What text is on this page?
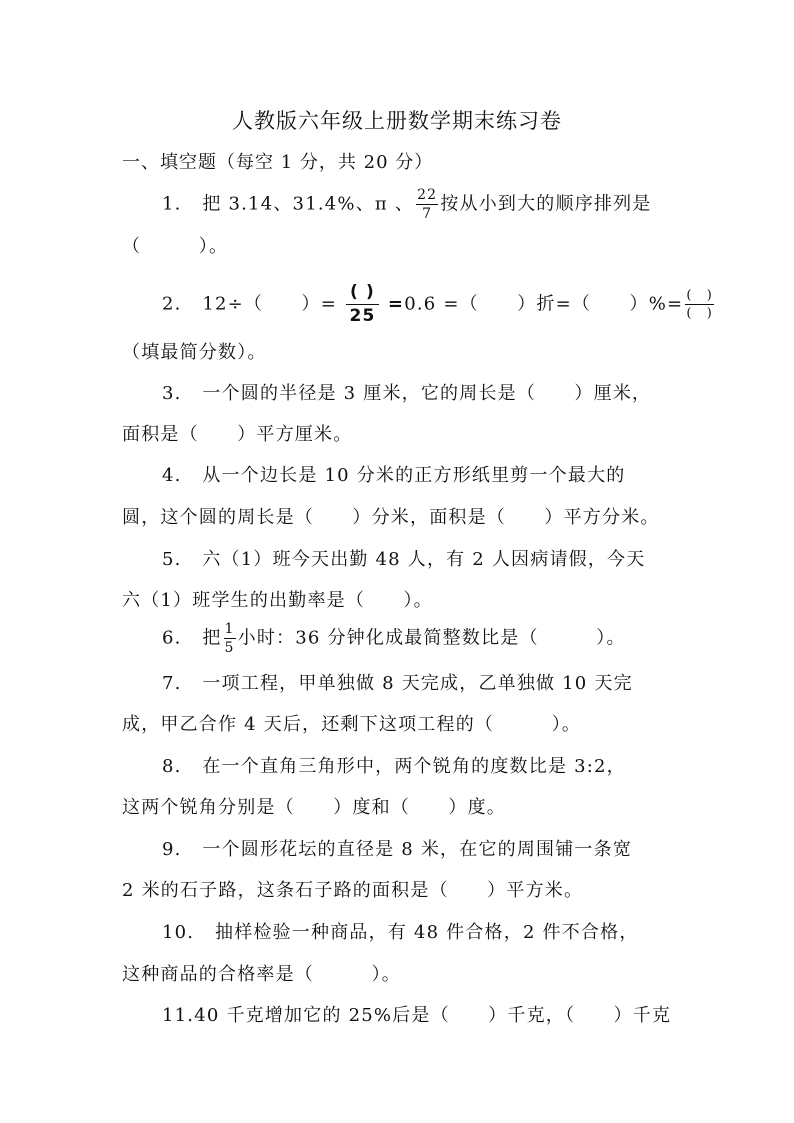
人教版六年级上册数学期末练习卷
一、填空题（每空 1 分，共 20 分）
1. 把 3.14、31.4%、π 、 $\frac{22}{7}$ 按从小到大的顺序排列是
（　　　）。
2. 12÷（　　）= $\frac{( )}{25} =0.6$ =（　　）折=（　　）%= $\frac{( )}{( )}$
（填最简分数）。
3. 一个圆的半径是 3 厘米，它的周长是（　　）厘米，
面积是（　　）平方厘米。
4. 从一个边长是 10 分米的正方形纸里剪一个最大的
圆，这个圆的周长是（　　）分米，面积是（　　）平方分米。
5. 六（1）班今天出勤 48 人，有 2 人因病请假，今天
六（1）班学生的出勤率是（　　）。
6. 把 $\frac{1}{5}$ 小时：36 分钟化成最简整数比是（　　　）。
7. 一项工程，甲单独做 8 天完成，乙单独做 10 天完
成，甲乙合作 4 天后，还剩下这项工程的（　　　）。
8. 在一个直角三角形中，两个锐角的度数比是 3:2，
这两个锐角分别是（　　）度和（　　）度。
9. 一个圆形花坛的直径是 8 米，在它的周围铺一条宽
2 米的石子路，这条石子路的面积是（　　）平方米。
10. 抽样检验一种商品，有 48 件合格，2 件不合格，
这种商品的合格率是（　　　）。
11.40 千克增加它的 25%后是（　　）千克，（　　）千克
